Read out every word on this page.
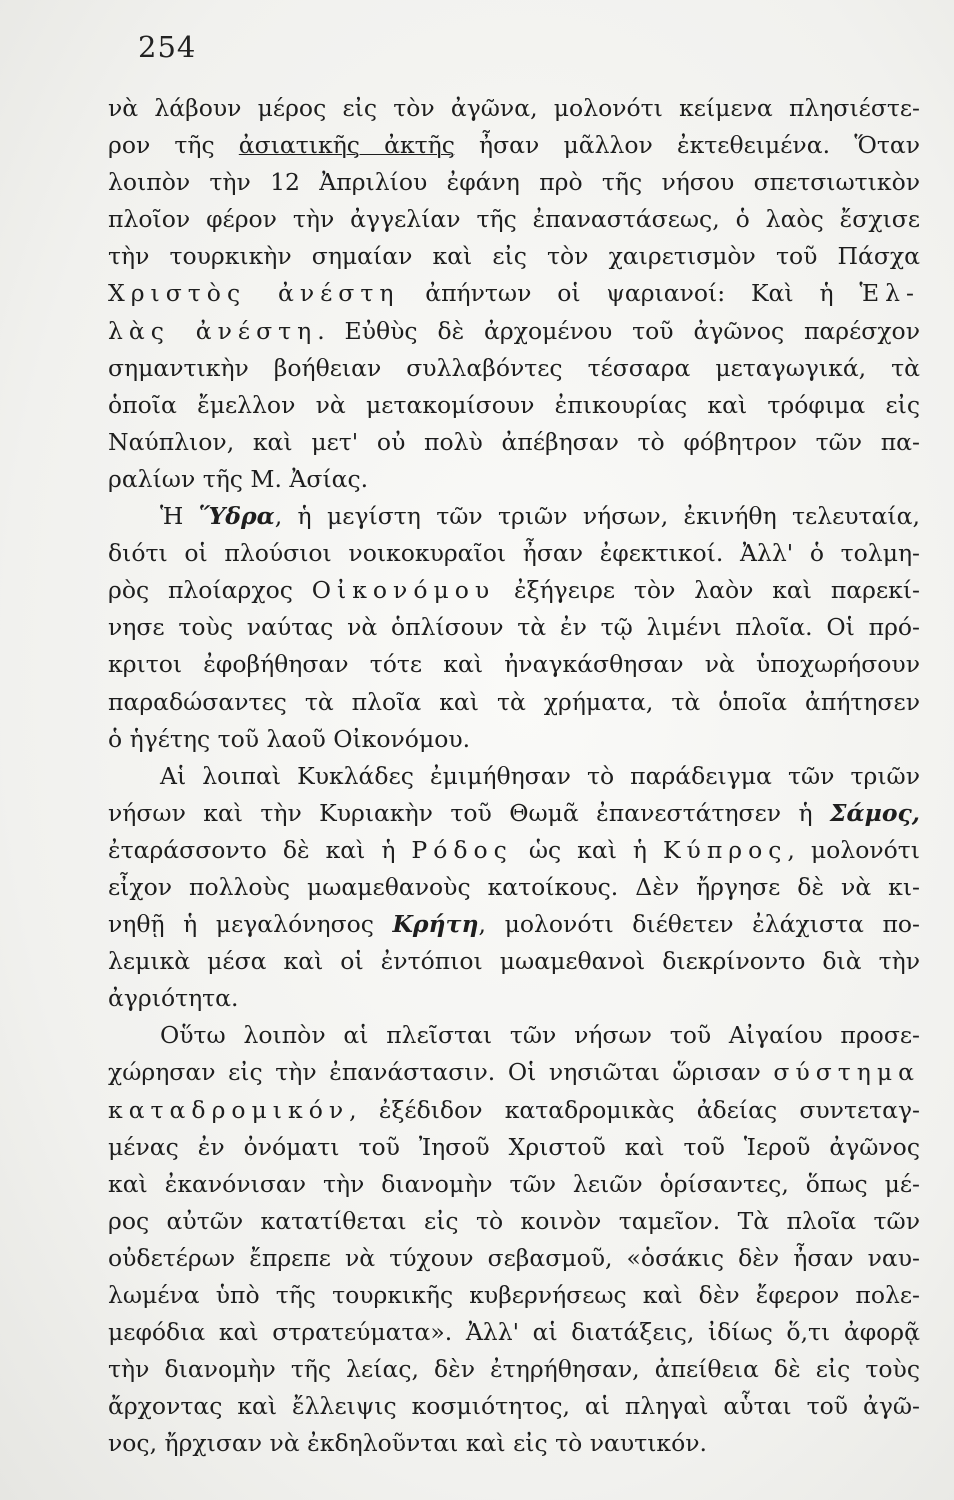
254
νὰ λάβουν μέρος εἰς τὸν ἀγῶνα, μολονότι κείμενα πλησιέστε-
ρον τῆς ἀσιατικῆς ἀκτῆς ἦσαν μᾶλλον ἐκτεθειμένα. Ὅταν
λοιπὸν τὴν 12 Ἀπριλίου ἐφάνη πρὸ τῆς νήσου σπετσιωτικὸν
πλοῖον φέρον τὴν ἀγγελίαν τῆς ἐπαναστάσεως, ὁ λαὸς ἔσχισε
τὴν τουρκικὴν σημαίαν καὶ εἰς τὸν χαιρετισμὸν τοῦ Πάσχα
Χριστὸς ἀνέστη ἀπήντων οἱ ψαριανοί: Καὶ ἡ Ἑλ-
λὰς ἀνέστη. Εὐθὺς δὲ ἀρχομένου τοῦ ἀγῶνος παρέσχον
σημαντικὴν βοήθειαν συλλαβόντες τέσσαρα μεταγωγικά, τὰ
ὁποῖα ἔμελλον νὰ μετακομίσουν ἐπικουρίας καὶ τρόφιμα εἰς
Ναύπλιον, καὶ μετ' οὐ πολὺ ἀπέβησαν τὸ φόβητρον τῶν πα-
ραλίων τῆς Μ. Ἀσίας.
Ἡ Ὕδρα, ἡ μεγίστη τῶν τριῶν νήσων, ἐκινήθη τελευταία,
διότι οἱ πλούσιοι νοικοκυραῖοι ἦσαν ἐφεκτικοί. Ἀλλ' ὁ τολμη-
ρὸς πλοίαρχος Οἰκονόμου ἐξήγειρε τὸν λαὸν καὶ παρεκί-
νησε τοὺς ναύτας νὰ ὁπλίσουν τὰ ἐν τῷ λιμένι πλοῖα. Οἱ πρό-
κριτοι ἐφοβήθησαν τότε καὶ ἠναγκάσθησαν νὰ ὑποχωρήσουν
παραδώσαντες τὰ πλοῖα καὶ τὰ χρήματα, τὰ ὁποῖα ἀπήτησεν
ὁ ἡγέτης τοῦ λαοῦ Οἰκονόμου.
Αἱ λοιπαὶ Κυκλάδες ἐμιμήθησαν τὸ παράδειγμα τῶν τριῶν
νήσων καὶ τὴν Κυριακὴν τοῦ Θωμᾶ ἐπανεστάτησεν ἡ Σάμος,
ἐταράσσοντο δὲ καὶ ἡ Ρόδος ὡς καὶ ἡ Κύπρος, μολονότι
εἶχον πολλοὺς μωαμεθανοὺς κατοίκους. Δὲν ἤργησε δὲ νὰ κι-
νηθῇ ἡ μεγαλόνησος Κρήτη, μολονότι διέθετεν ἐλάχιστα πο-
λεμικὰ μέσα καὶ οἱ ἐντόπιοι μωαμεθανοὶ διεκρίνοντο διὰ τὴν
ἀγριότητα.
Οὕτω λοιπὸν αἱ πλεῖσται τῶν νήσων τοῦ Αἰγαίου προσε-
χώρησαν εἰς τὴν ἐπανάστασιν. Οἱ νησιῶται ὥρισαν σύστημα
καταδρομικόν, ἐξέδιδον καταδρομικὰς ἀδείας συντεταγ-
μένας ἐν ὀνόματι τοῦ Ἰησοῦ Χριστοῦ καὶ τοῦ Ἱεροῦ ἀγῶνος
καὶ ἐκανόνισαν τὴν διανομὴν τῶν λειῶν ὁρίσαντες, ὅπως μέ-
ρος αὐτῶν κατατίθεται εἰς τὸ κοινὸν ταμεῖον. Τὰ πλοῖα τῶν
οὐδετέρων ἔπρεπε νὰ τύχουν σεβασμοῦ, «ὁσάκις δὲν ἦσαν ναυ-
λωμένα ὑπὸ τῆς τουρκικῆς κυβερνήσεως καὶ δὲν ἔφερον πολε-
μεφόδια καὶ στρατεύματα». Ἀλλ' αἱ διατάξεις, ἰδίως ὅ,τι ἀφορᾷ
τὴν διανομὴν τῆς λείας, δὲν ἐτηρήθησαν, ἀπείθεια δὲ εἰς τοὺς
ἄρχοντας καὶ ἔλλειψις κοσμιότητος, αἱ πληγαὶ αὗται τοῦ ἀγῶ-
νος, ἤρχισαν νὰ ἐκδηλοῦνται καὶ εἰς τὸ ναυτικόν.
